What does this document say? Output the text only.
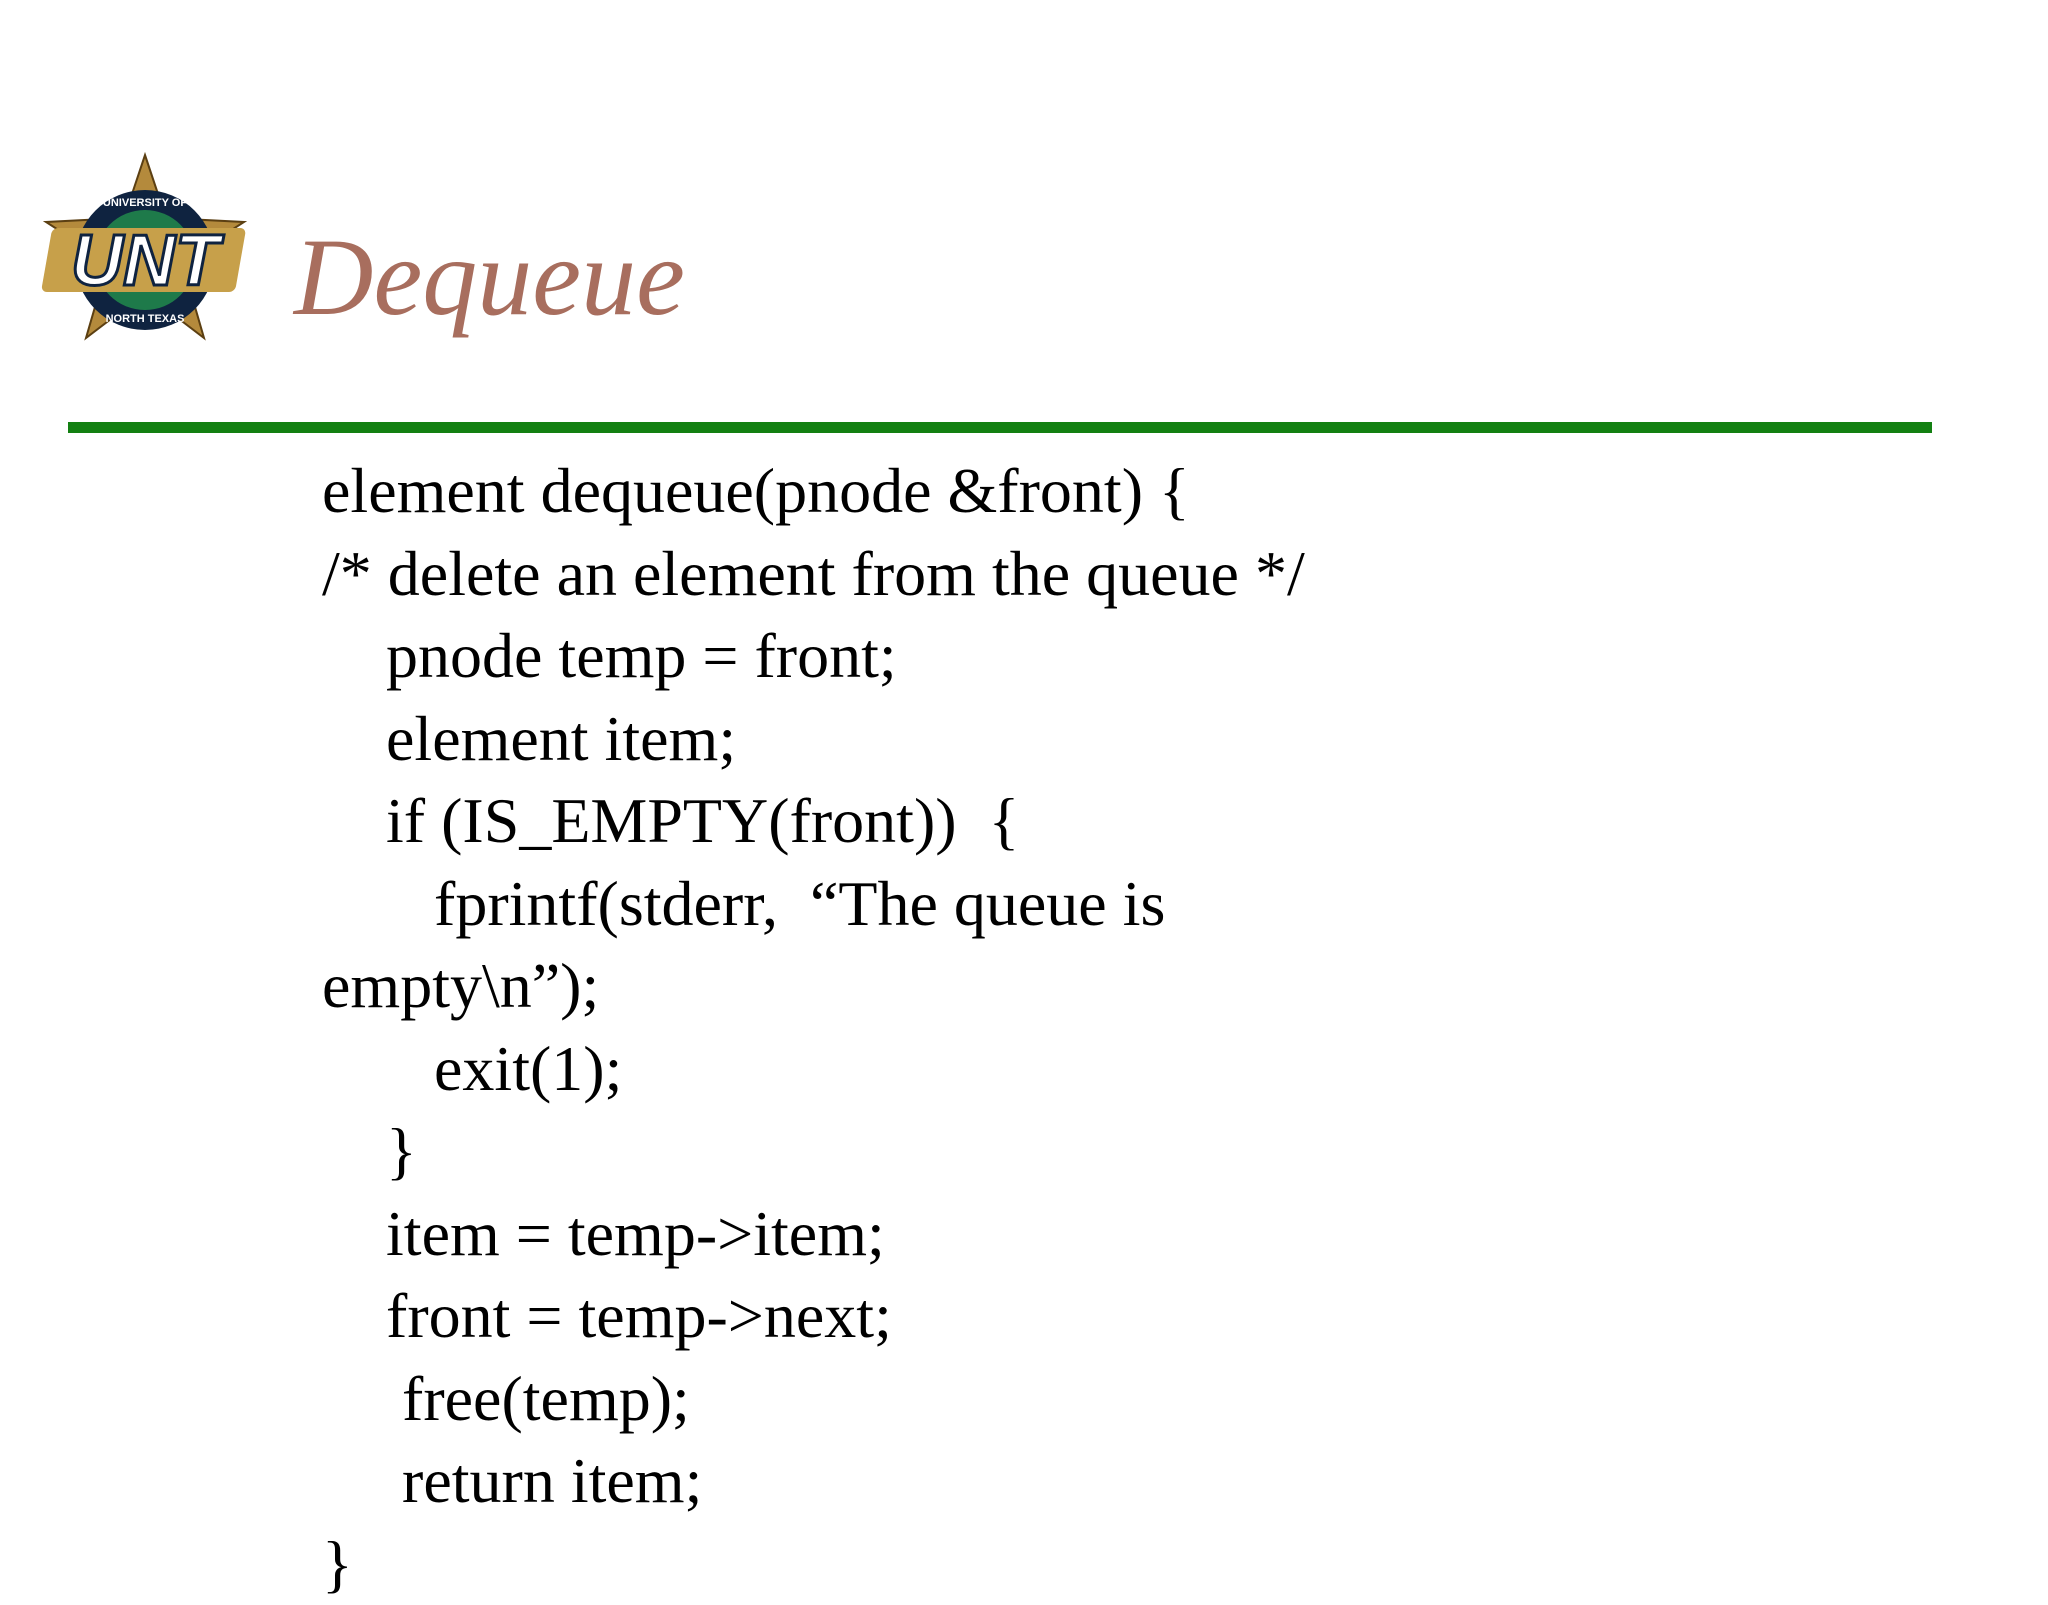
UNT
UNIVERSITY OF
NORTH TEXAS Dequeue
element dequeue(pnode &front) {
/* delete an element from the queue */
pnode temp = front;
element item;
if (IS_EMPTY(front))  {
fprintf(stderr,  “The queue is
empty\n”);
exit(1);
}
item = temp->item;
front = temp->next;
free(temp);
return item;
}
